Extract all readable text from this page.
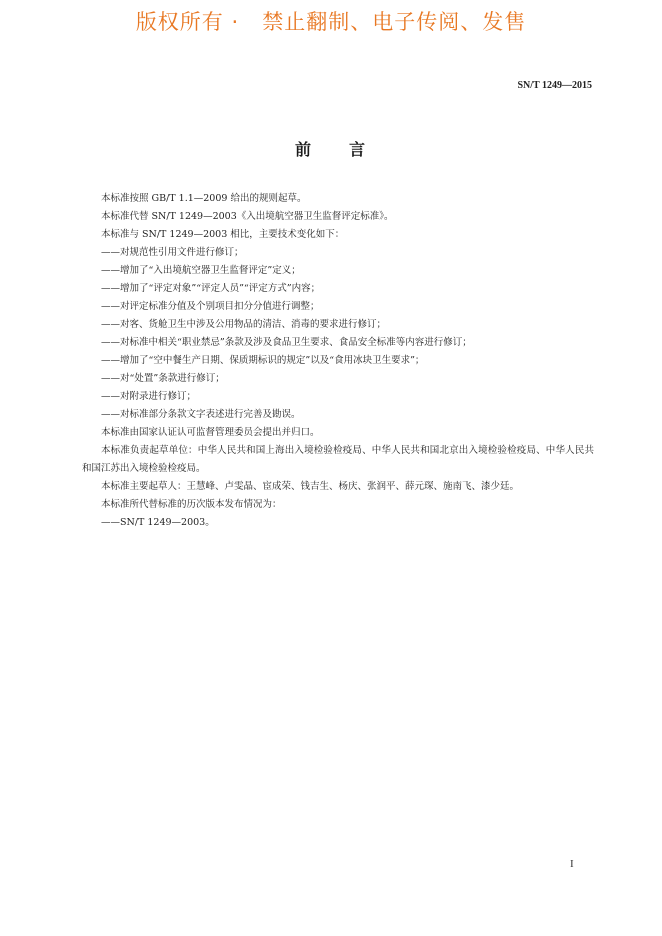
版权所有 ·   禁止翻制、电子传阅、发售
SN/T 1249—2015
前　　言

本标准按照 GB/T 1.1—2009 给出的规则起草。

本标准代替 SN/T 1249—2003《入出境航空器卫生监督评定标准》。

本标准与 SN/T 1249—2003 相比，主要技术变化如下：

——对规范性引用文件进行修订；

——增加了“入出境航空器卫生监督评定”定义；

——增加了“评定对象”“评定人员”“评定方式”内容；

——对评定标准分值及个别项目扣分分值进行调整；

——对客、货舱卫生中涉及公用物品的清洁、消毒的要求进行修订；

——对标准中相关“职业禁忌”条款及涉及食品卫生要求、食品安全标准等内容进行修订；

——增加了“空中餐生产日期、保质期标识的规定”以及“食用冰块卫生要求”；

——对“处置”条款进行修订；

——对附录进行修订；

——对标准部分条款文字表述进行完善及勘误。

本标准由国家认证认可监督管理委员会提出并归口。

本标准负责起草单位：中华人民共和国上海出入境检验检疫局、中华人民共和国北京出入境检验检疫局、中华人民共和国江苏出入境检验检疫局。

本标准主要起草人：王慧峰、卢雯晶、宦成荣、钱吉生、杨庆、张润平、薛元琛、施南飞、漆少廷。

本标准所代替标准的历次版本发布情况为：

——SN/T 1249—2003。

I
